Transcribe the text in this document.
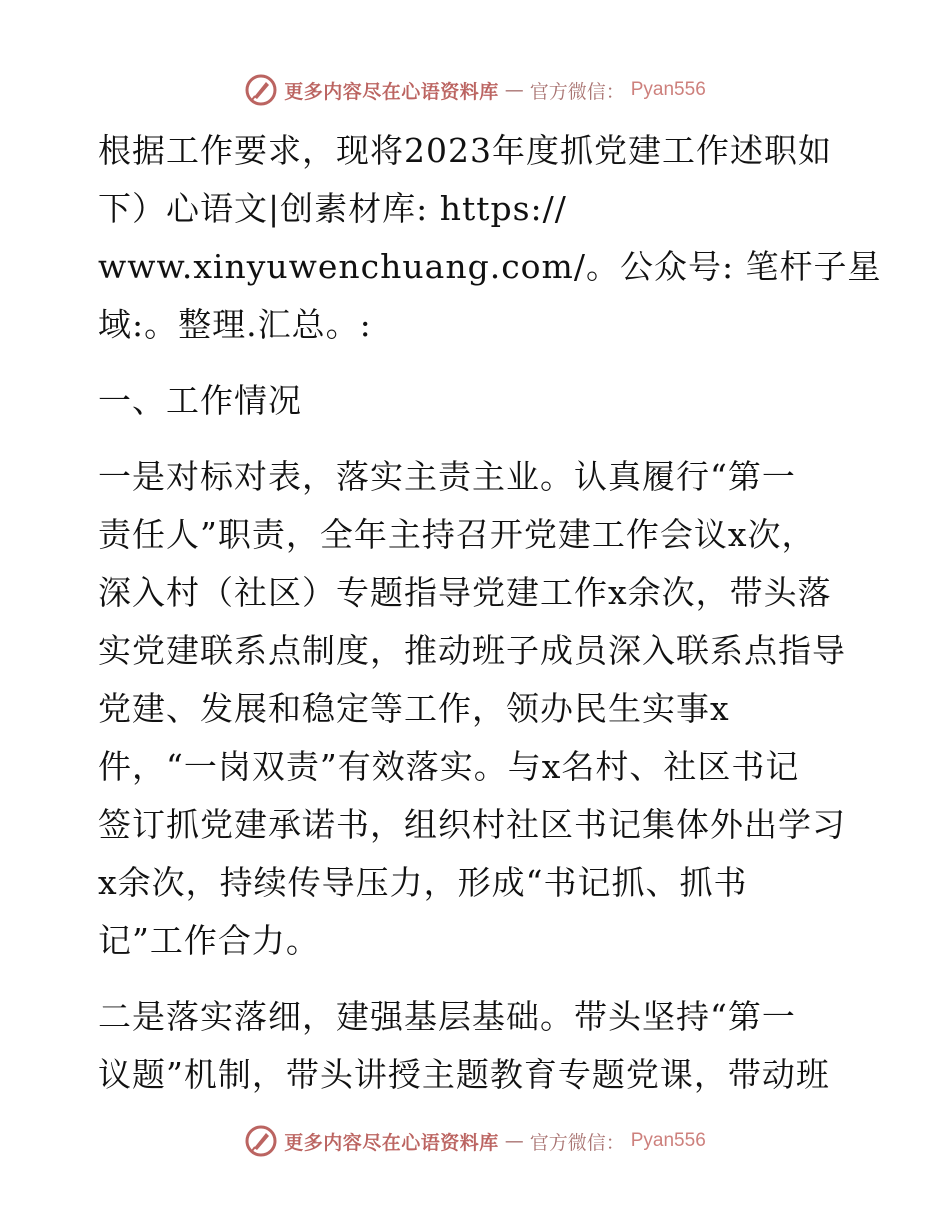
更多内容尽在心语资料库 — 官方微信： Pyan556

根据工作要求，现将2023年度抓党建工作述职如
下）心语文|创素材库: https://
www.xinyuwenchuang.com/。公众号: 笔杆子星
域:。整理.汇总。:

一、工作情况

一是对标对表，落实主责主业。认真履行“第一
责任人”职责，全年主持召开党建工作会议x次，
深入村（社区）专题指导党建工作x余次，带头落
实党建联系点制度，推动班子成员深入联系点指导
党建、发展和稳定等工作，领办民生实事x
件，“一岗双责”有效落实。与x名村、社区书记
签订抓党建承诺书，组织村社区书记集体外出学习
x余次，持续传导压力，形成“书记抓、抓书
记”工作合力。

二是落实落细，建强基层基础。带头坚持“第一
议题”机制，带头讲授主题教育专题党课，带动班

更多内容尽在心语资料库 — 官方微信： Pyan556
